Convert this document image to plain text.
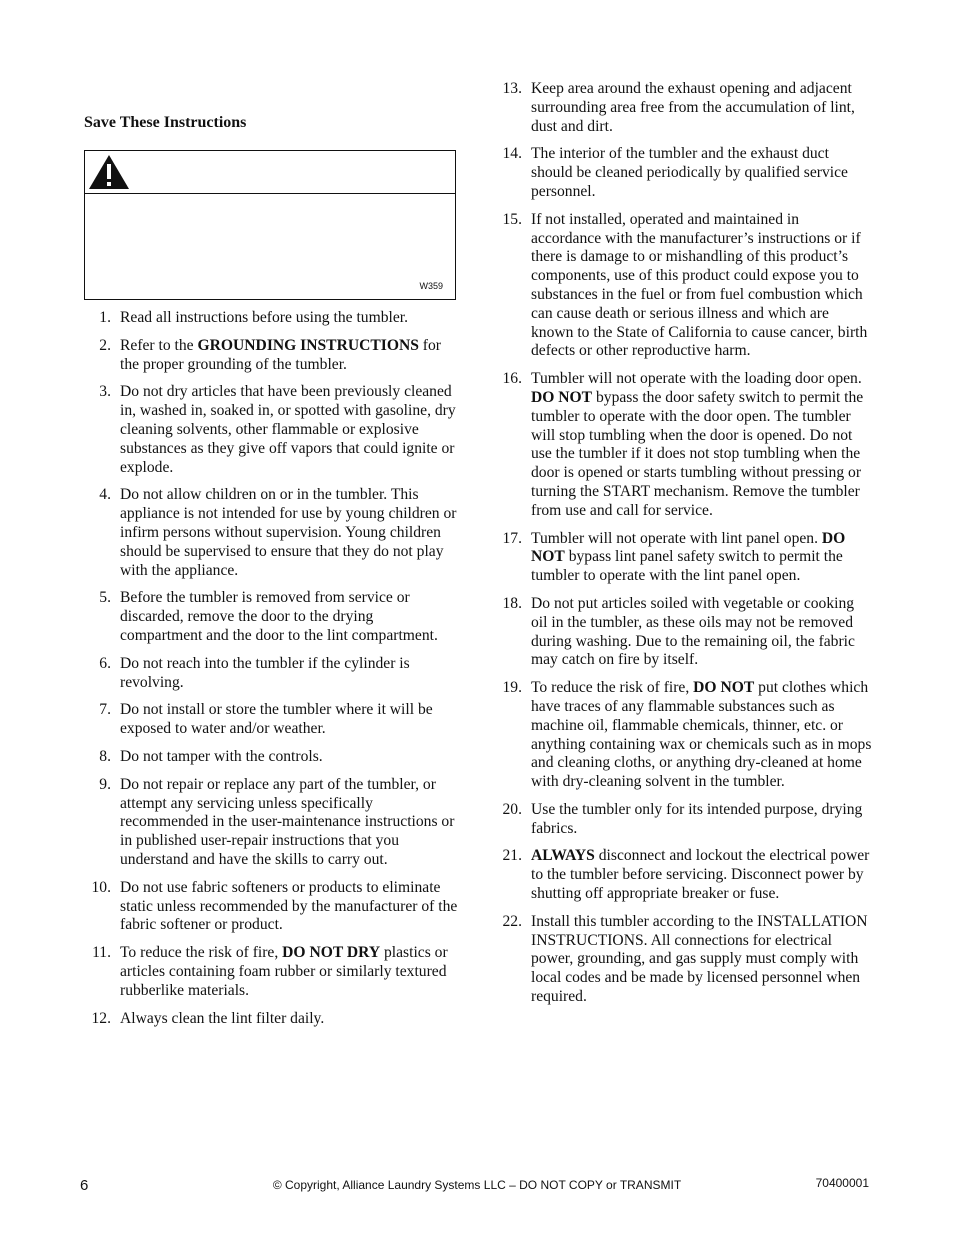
Save These Instructions
W359
1. Read all instructions before using the tumbler.
2. Refer to the GROUNDING INSTRUCTIONS for the proper grounding of the tumbler.
3. Do not dry articles that have been previously cleaned in, washed in, soaked in, or spotted with gasoline, dry cleaning solvents, other flammable or explosive substances as they give off vapors that could ignite or explode.
4. Do not allow children on or in the tumbler. This appliance is not intended for use by young children or infirm persons without supervision. Young children should be supervised to ensure that they do not play with the appliance.
5. Before the tumbler is removed from service or discarded, remove the door to the drying compartment and the door to the lint compartment.
6. Do not reach into the tumbler if the cylinder is revolving.
7. Do not install or store the tumbler where it will be exposed to water and/or weather.
8. Do not tamper with the controls.
9. Do not repair or replace any part of the tumbler, or attempt any servicing unless specifically recommended in the user-maintenance instructions or in published user-repair instructions that you understand and have the skills to carry out.
10. Do not use fabric softeners or products to eliminate static unless recommended by the manufacturer of the fabric softener or product.
11. To reduce the risk of fire, DO NOT DRY plastics or articles containing foam rubber or similarly textured rubberlike materials.
12. Always clean the lint filter daily.
13. Keep area around the exhaust opening and adjacent surrounding area free from the accumulation of lint, dust and dirt.
14. The interior of the tumbler and the exhaust duct should be cleaned periodically by qualified service personnel.
15. If not installed, operated and maintained in accordance with the manufacturer’s instructions or if there is damage to or mishandling of this product’s components, use of this product could expose you to substances in the fuel or from fuel combustion which can cause death or serious illness and which are known to the State of California to cause cancer, birth defects or other reproductive harm.
16. Tumbler will not operate with the loading door open. DO NOT bypass the door safety switch to permit the tumbler to operate with the door open. The tumbler will stop tumbling when the door is opened. Do not use the tumbler if it does not stop tumbling when the door is opened or starts tumbling without pressing or turning the START mechanism. Remove the tumbler from use and call for service.
17. Tumbler will not operate with lint panel open. DO NOT bypass lint panel safety switch to permit the tumbler to operate with the lint panel open.
18. Do not put articles soiled with vegetable or cooking oil in the tumbler, as these oils may not be removed during washing. Due to the remaining oil, the fabric may catch on fire by itself.
19. To reduce the risk of fire, DO NOT put clothes which have traces of any flammable substances such as machine oil, flammable chemicals, thinner, etc. or anything containing wax or chemicals such as in mops and cleaning cloths, or anything dry-cleaned at home with dry-cleaning solvent in the tumbler.
20. Use the tumbler only for its intended purpose, drying fabrics.
21. ALWAYS disconnect and lockout the electrical power to the tumbler before servicing. Disconnect power by shutting off appropriate breaker or fuse.
22. Install this tumbler according to the INSTALLATION INSTRUCTIONS. All connections for electrical power, grounding, and gas supply must comply with local codes and be made by licensed personnel when required.
6	© Copyright, Alliance Laundry Systems LLC – DO NOT COPY or TRANSMIT	70400001
